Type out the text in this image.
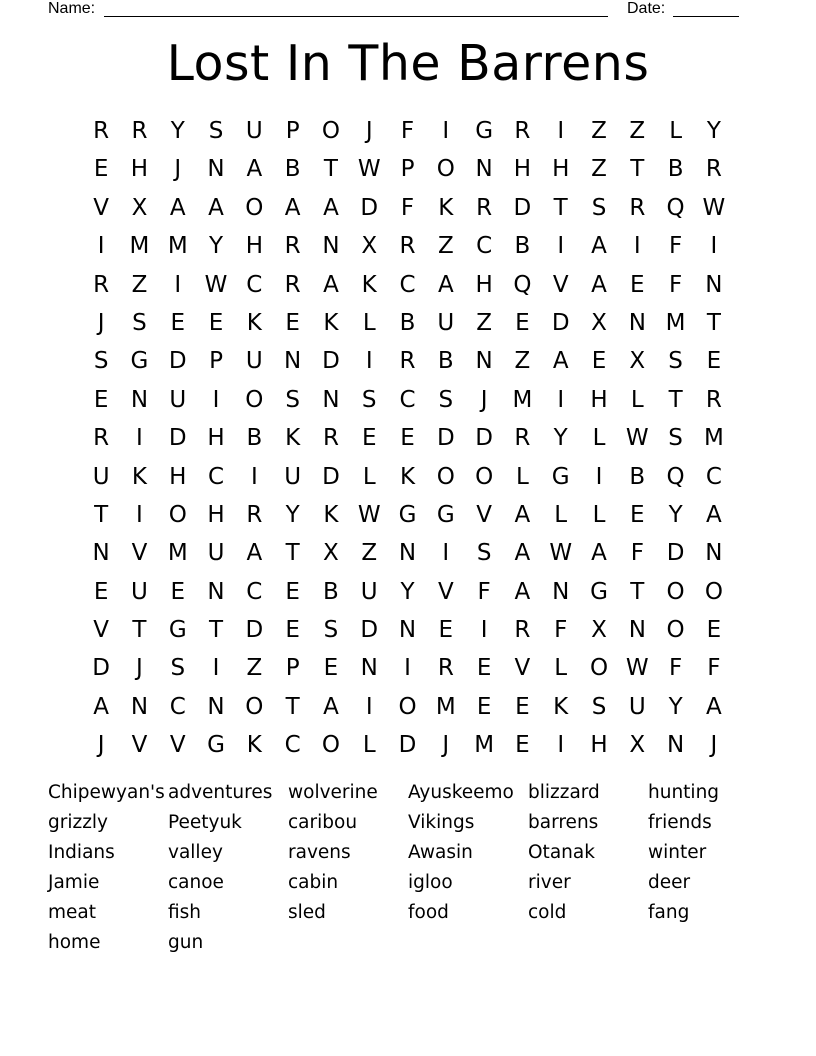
Name:

	Date:

Lost In The Barrens
R R	Y	S U P O	J	F	I	G R	I	Z Z	L	Y
E H	J	N A B	T W P O N H H Z	T	B R
V X A A O A A D F	K R D T	S	R Q W
I	M M Y H R N X R Z C B	I	A	I	F	I
R Z	I	W C R A K C A H Q V A	E	F	N
J	S	E	E	K	E	K	L	B U Z	E D X N M T
S G D P U N D	I	R B N Z A	E	X	S	E
E N U	I	O S N S C S	J	M	I	H	L	T	R
R	I	D H B K R	E	E D D R	Y	L W S M
U K H C	I	U D	L	K O O L G	I	B Q C
T	I	O H R	Y	K W G G V A	L	L	E	Y	A
N V M U A	T	X Z N	I	S	A W A	F D N
E U E N C	E	B U Y	V	F	A N G T O O
V	T G T D E	S D N E	I	R	F	X N O E
D	J	S	I	Z	P	E N	I	R	E	V	L O W F	F
A N C N O T	A	I	O M E	E	K	S U Y	A
J	V V G K C O L	D	J	M E	I	H X N	J
Chipewyan's adventures wolverine	Ayuskeemo blizzard	hunting
grizzly	Peetyuk	caribou	Vikings	barrens	friends
Indians	valley	ravens	Awasin	Otanak	winter
Jamie	canoe	cabin	igloo	river	deer
meat	fish	sled	food	cold	fang
home	gun
